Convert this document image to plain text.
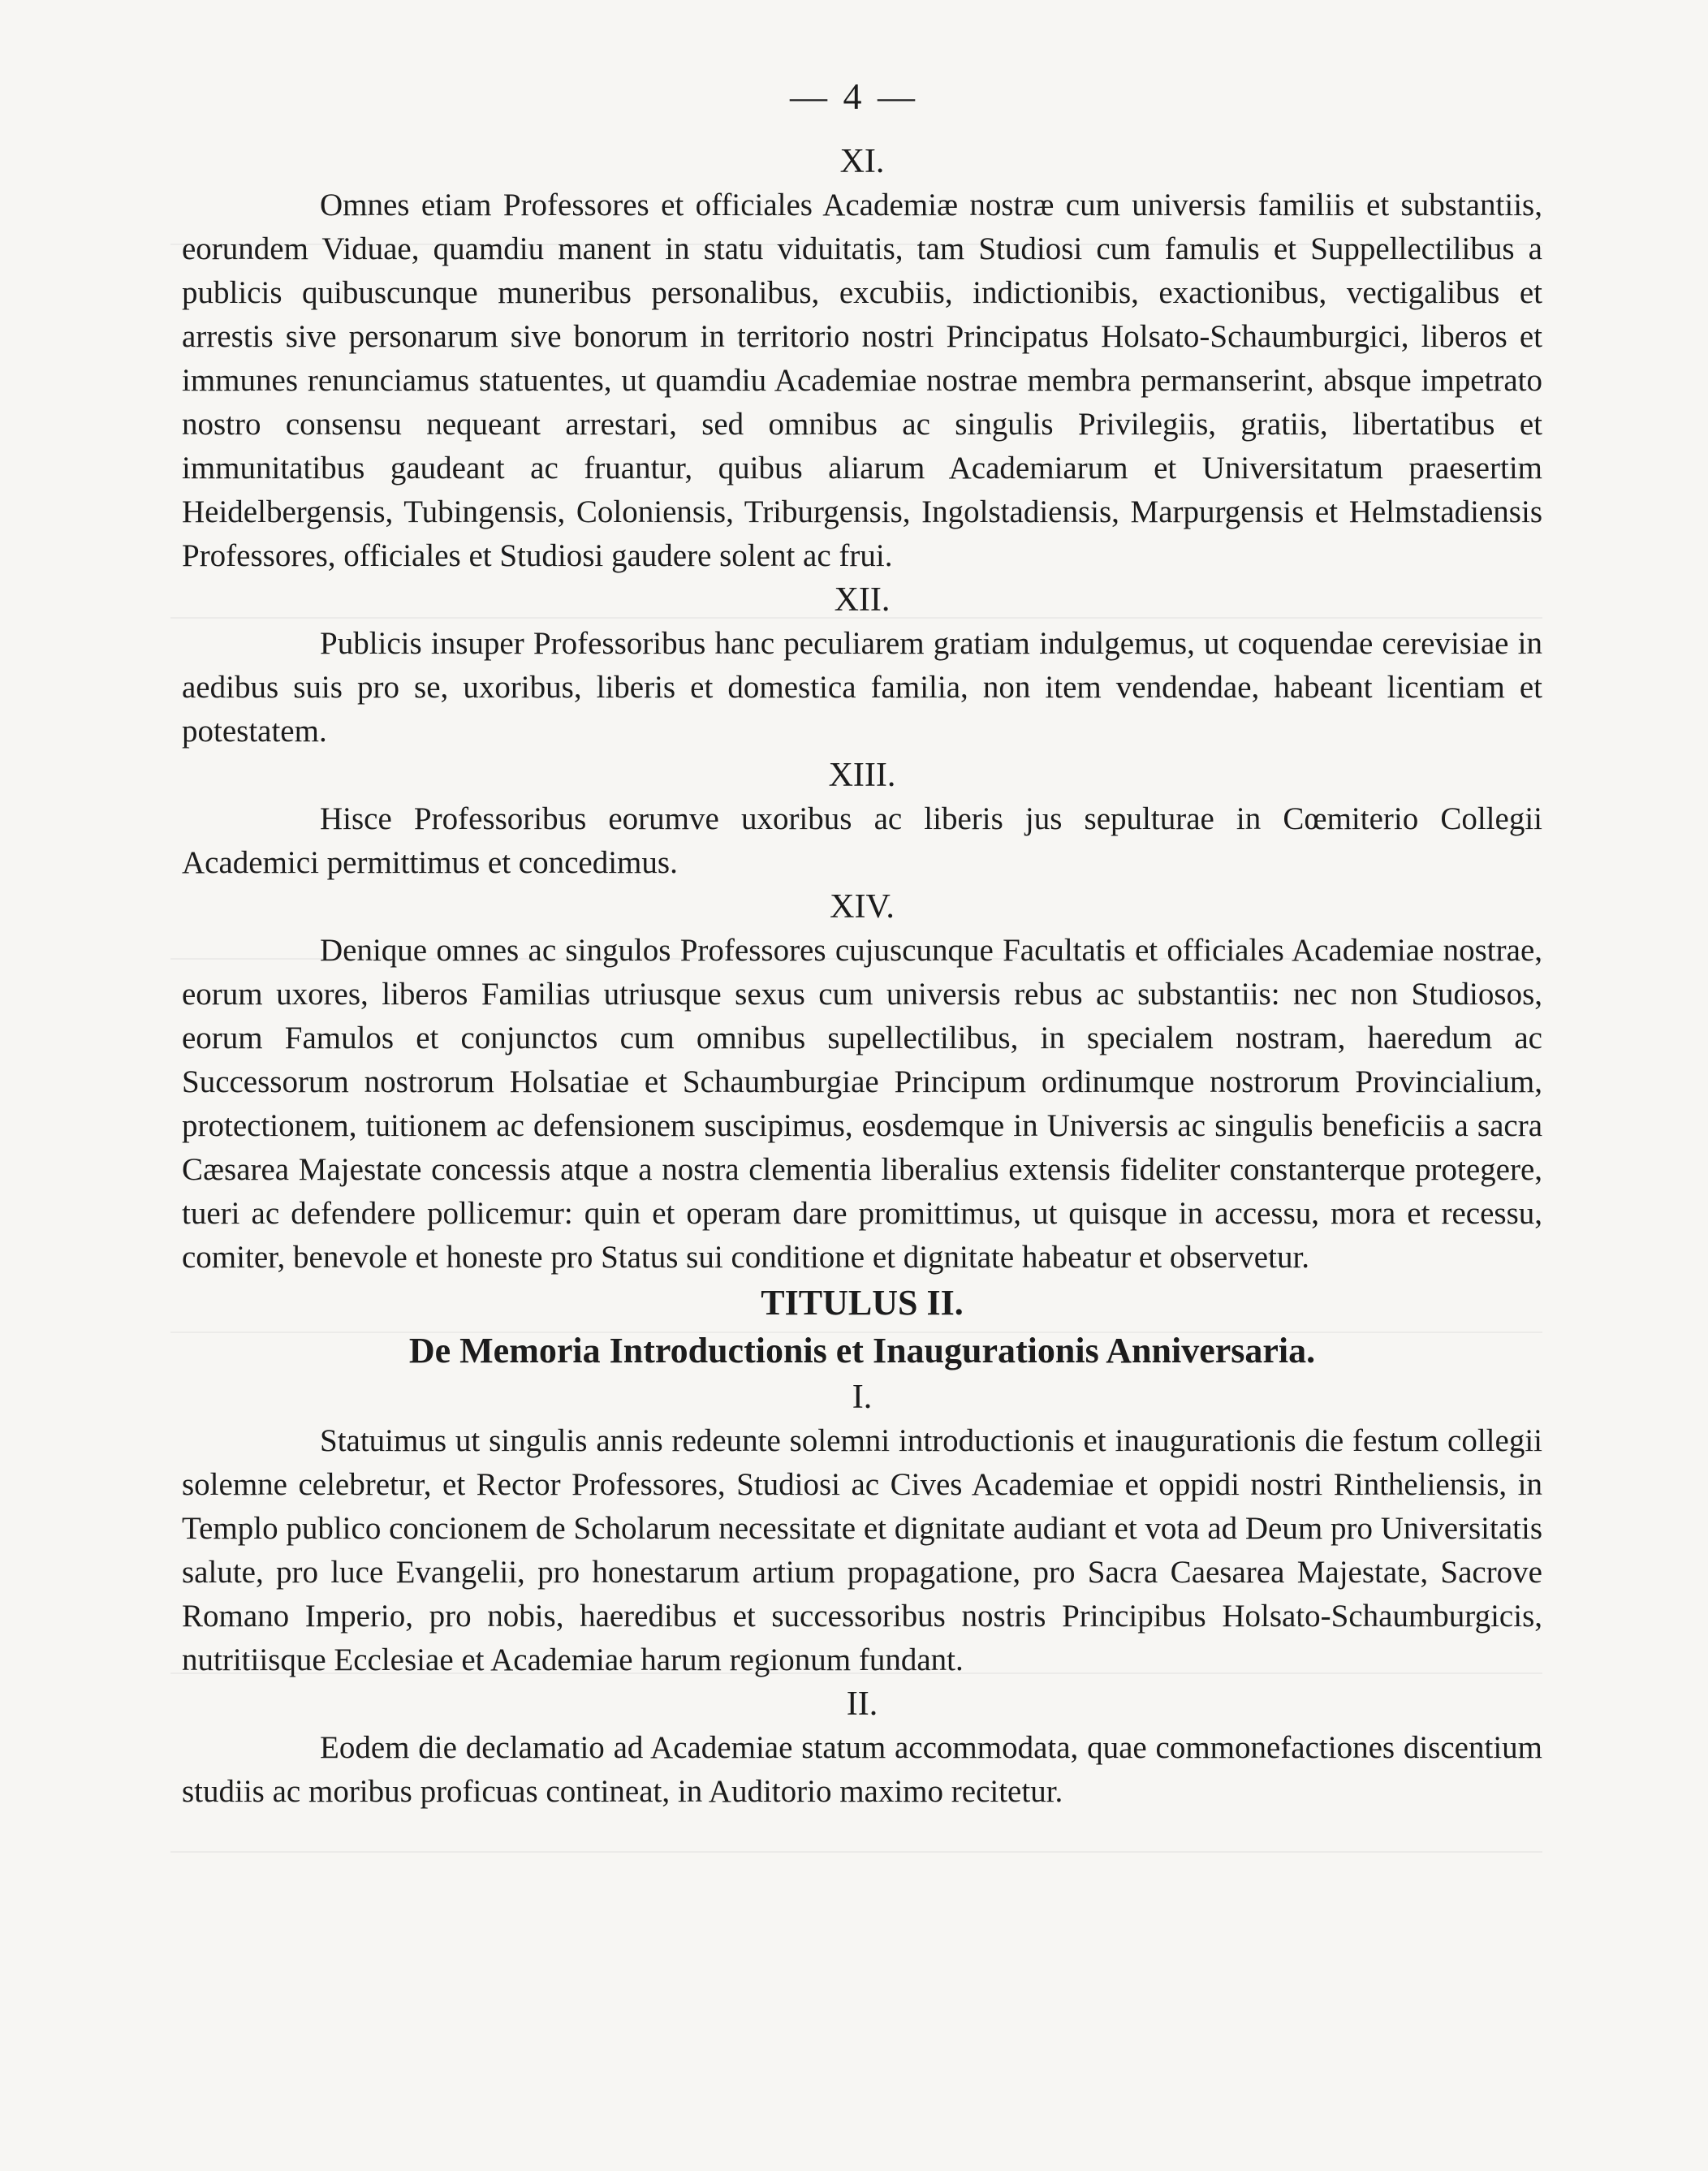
— 4 —
XI.

Omnes etiam Professores et officiales Academiæ nostræ cum universis familiis et substantiis, eorundem Viduae, quamdiu manent in statu viduitatis, tam Studiosi cum famulis et Suppellectilibus a publicis quibuscunque muneribus personalibus, excubiis, indictionibis, exactionibus, vectigalibus et arrestis sive personarum sive bonorum in territorio nostri Principatus Holsato-Schaumburgici, liberos et immunes renunciamus statuentes, ut quamdiu Academiae nostrae membra permanserint, absque impetrato nostro consensu nequeant arrestari, sed omnibus ac singulis Privilegiis, gratiis, libertatibus et immunitatibus gaudeant ac fruantur, quibus aliarum Academiarum et Universitatum praesertim Heidelbergensis, Tubingensis, Coloniensis, Triburgensis, Ingolstadiensis, Marpurgensis et Helmstadiensis Professores, officiales et Studiosi gaudere solent ac frui.

XII.

Publicis insuper Professoribus hanc peculiarem gratiam indulgemus, ut coquendae cerevisiae in aedibus suis pro se, uxoribus, liberis et domestica familia, non item vendendae, habeant licentiam et potestatem.

XIII.

Hisce Professoribus eorumve uxoribus ac liberis jus sepulturae in Cœmiterio Collegii Academici permittimus et concedimus.

XIV.

Denique omnes ac singulos Professores cujuscunque Facultatis et officiales Academiae nostrae, eorum uxores, liberos Familias utriusque sexus cum universis rebus ac substantiis: nec non Studiosos, eorum Famulos et conjunctos cum omnibus supellectilibus, in specialem nostram, haeredum ac Successorum nostrorum Holsatiae et Schaumburgiae Principum ordinumque nostrorum Provincialium, protectionem, tuitionem ac defensionem suscipimus, eosdemque in Universis ac singulis beneficiis a sacra Cæsarea Majestate concessis atque a nostra clementia liberalius extensis fideliter constanterque protegere, tueri ac defendere pollicemur: quin et operam dare promittimus, ut quisque in accessu, mora et recessu, comiter, benevole et honeste pro Status sui conditione et dignitate habeatur et observetur.

TITULUS II.
De Memoria Introductionis et Inaugurationis Anniversaria.
I.

Statuimus ut singulis annis redeunte solemni introductionis et inaugurationis die festum collegii solemne celebretur, et Rector Professores, Studiosi ac Cives Academiae et oppidi nostri Rintheliensis, in Templo publico concionem de Scholarum necessitate et dignitate audiant et vota ad Deum pro Universitatis salute, pro luce Evangelii, pro honestarum artium propagatione, pro Sacra Caesarea Majestate, Sacrove Romano Imperio, pro nobis, haeredibus et successoribus nostris Principibus Holsato-Schaumburgicis, nutritiisque Ecclesiae et Academiae harum regionum fundant.

II.

Eodem die declamatio ad Academiae statum accommodata, quae commonefactiones discentium studiis ac moribus proficuas contineat, in Auditorio maximo recitetur.
